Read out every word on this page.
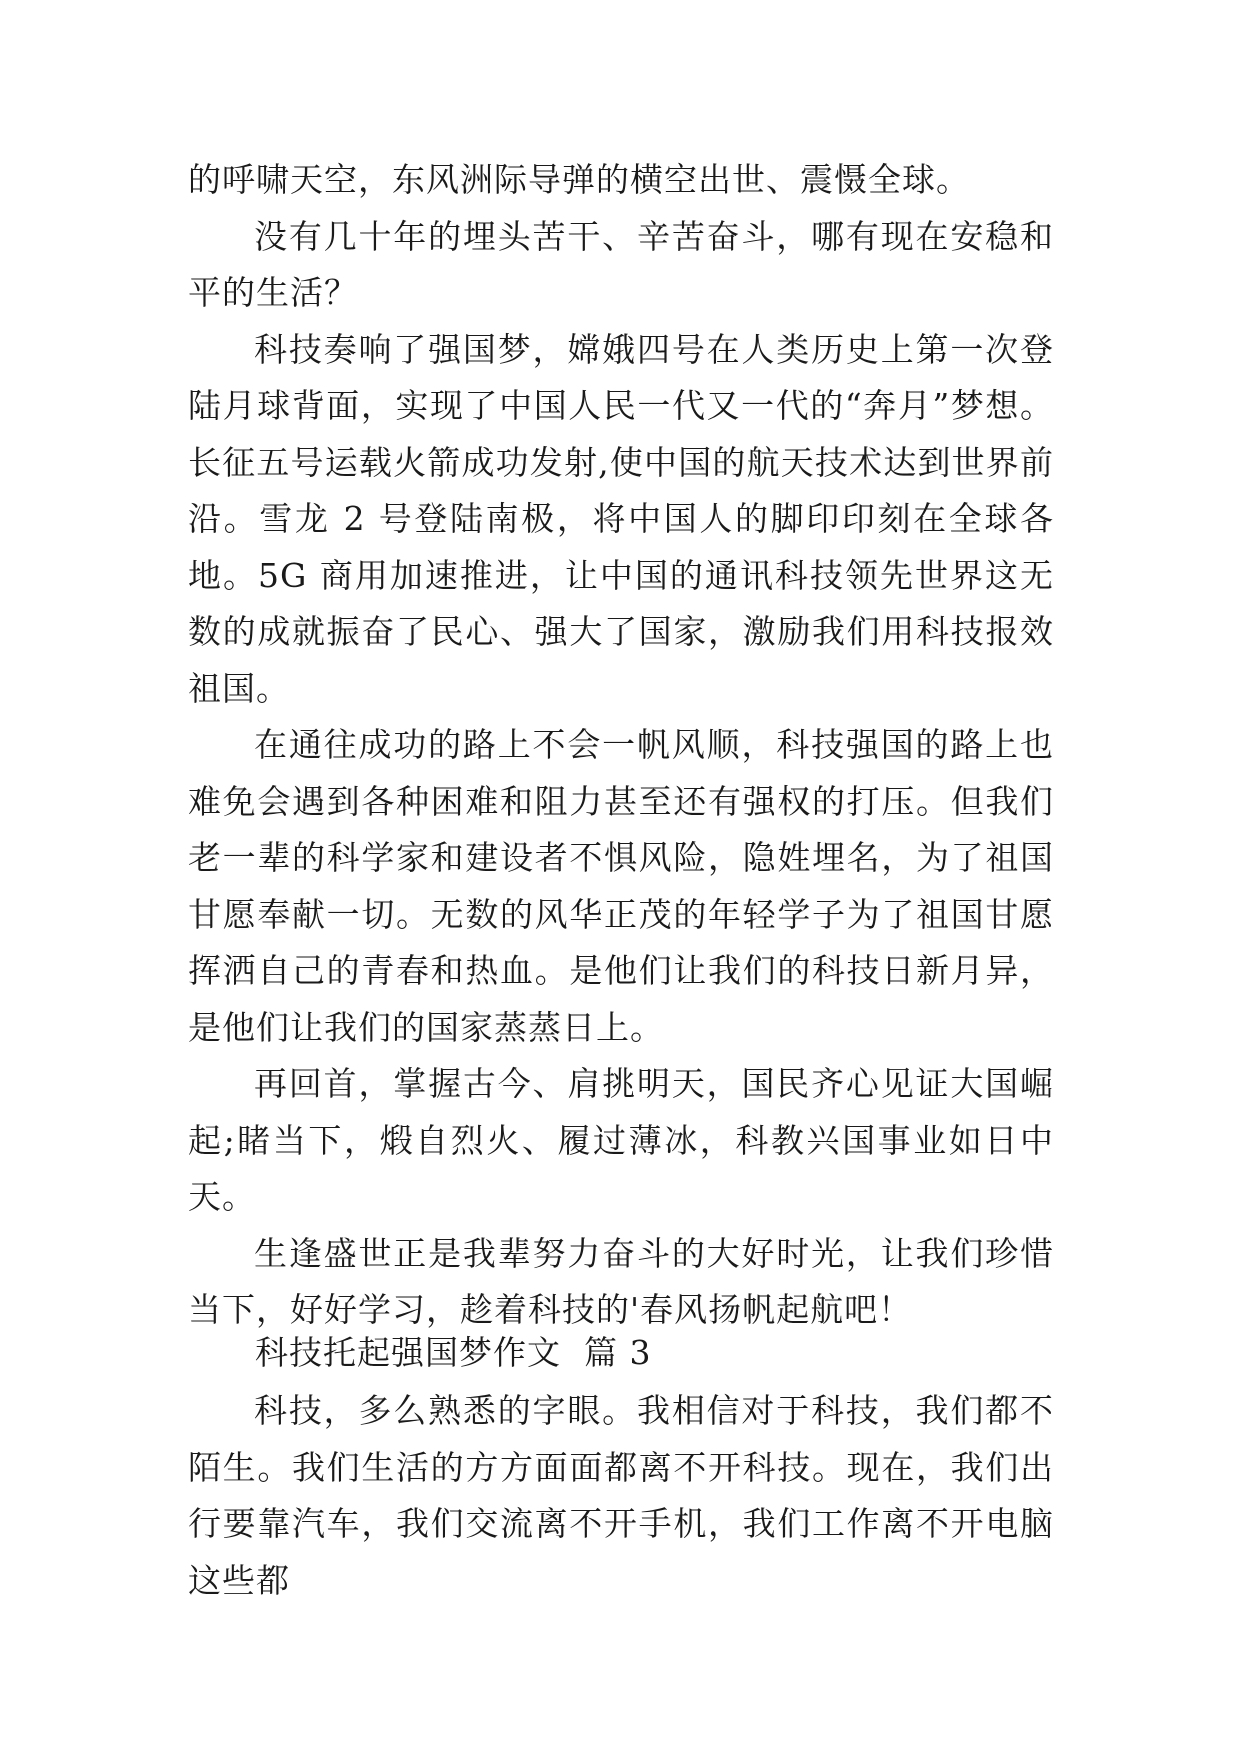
的呼啸天空，东风洲际导弹的横空出世、震慑全球。

没有几十年的埋头苦干、辛苦奋斗，哪有现在安稳和平的生活？

科技奏响了强国梦，嫦娥四号在人类历史上第一次登陆月球背面，实现了中国人民一代又一代的“奔月”梦想。长征五号运载火箭成功发射,使中国的航天技术达到世界前沿。雪龙 2 号登陆南极，将中国人的脚印印刻在全球各地。5G 商用加速推进，让中国的通讯科技领先世界这无数的成就振奋了民心、强大了国家，激励我们用科技报效祖国。

在通往成功的路上不会一帆风顺，科技强国的路上也难免会遇到各种困难和阻力甚至还有强权的打压。但我们老一辈的科学家和建设者不惧风险，隐姓埋名，为了祖国甘愿奉献一切。无数的风华正茂的年轻学子为了祖国甘愿挥洒自己的青春和热血。是他们让我们的科技日新月异，是他们让我们的国家蒸蒸日上。

再回首，掌握古今、肩挑明天，国民齐心见证大国崛起;睹当下，煅自烈火、履过薄冰，科教兴国事业如日中天。

生逢盛世正是我辈努力奋斗的大好时光，让我们珍惜当下，好好学习，趁着科技的'春风扬帆起航吧！

科技托起强国梦作文  篇 3

科技，多么熟悉的字眼。我相信对于科技，我们都不陌生。我们生活的方方面面都离不开科技。现在，我们出行要靠汽车，我们交流离不开手机，我们工作离不开电脑这些都
